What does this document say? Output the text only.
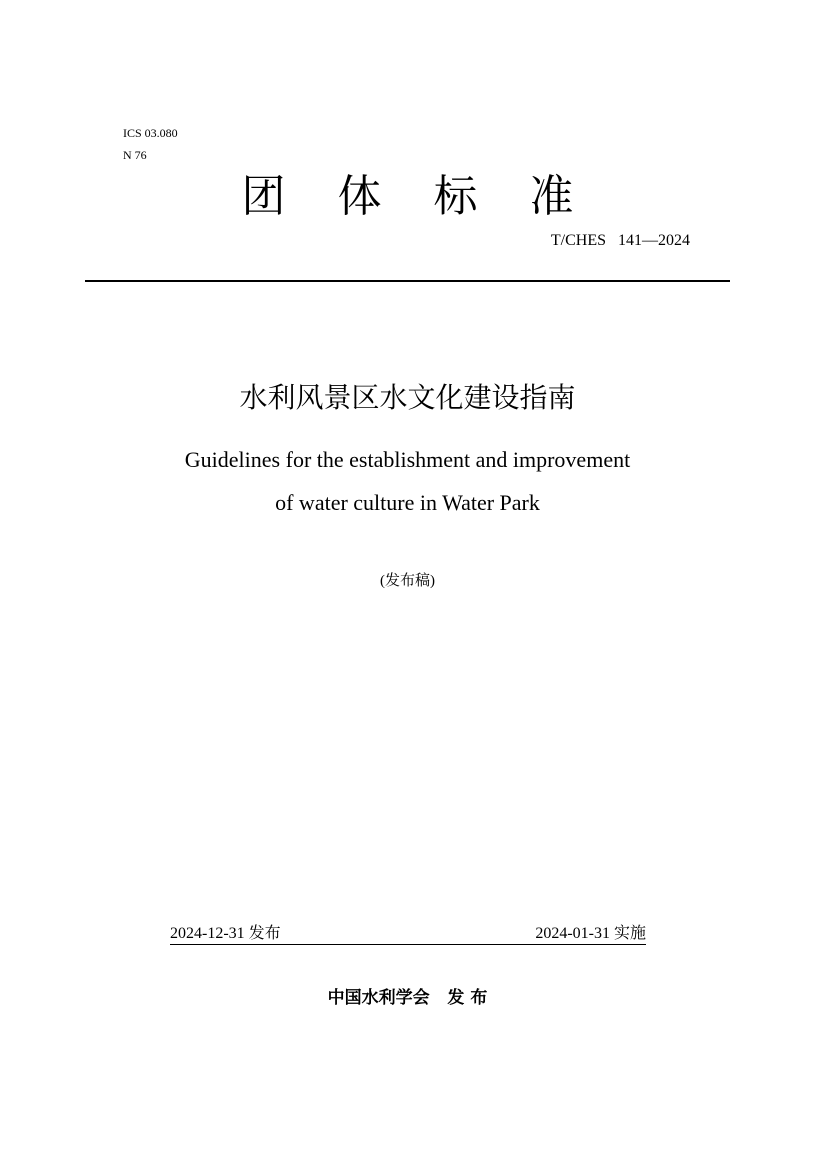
ICS 03.080
N 76
团体标准
T/CHES   141—2024
水利风景区水文化建设指南
Guidelines for the establishment and improvement
of water culture in Water Park
(发布稿)
2024-12-31 发布	2024-01-31 实施
中国水利学会   发 布
